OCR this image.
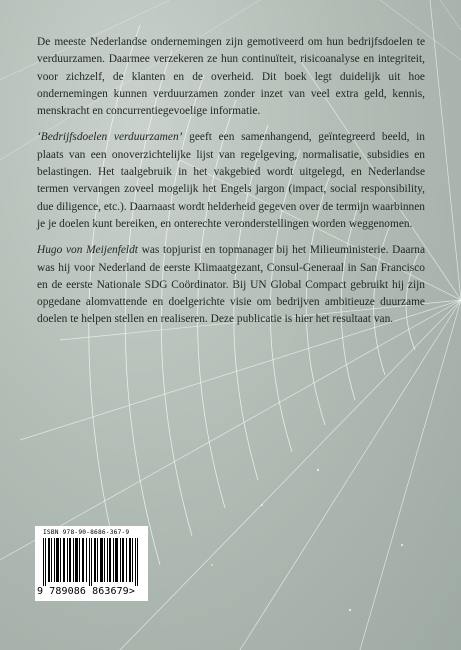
De meeste Nederlandse ondernemingen zijn gemotiveerd om hun bedrijfsdoelen te verduurzamen. Daarmee verzekeren ze hun continuïteit, risicoanalyse en integriteit, voor zichzelf, de klanten en de overheid. Dit boek legt duidelijk uit hoe ondernemingen kunnen verduurzamen zonder inzet van veel extra geld, kennis, menskracht en concurrentiegevoelige informatie.

‘Bedrijfsdoelen verduurzamen’ geeft een samenhangend, geïntegreerd beeld, in plaats van een onoverzichtelijke lijst van regelgeving, normalisatie, subsidies en belastingen. Het taalgebruik in het vakgebied wordt uitgelegd, en Nederlandse termen vervangen zoveel mogelijk het Engels jargon (impact, social responsibility, due diligence, etc.). Daarnaast wordt helderheid gegeven over de termijn waarbinnen je je doelen kunt bereiken, en onterechte veronderstellingen worden weggenomen.

Hugo von Meijenfeldt was topjurist en topmanager bij het Milieuministerie. Daarna was hij voor Nederland de eerste Klimaatgezant, Consul-Generaal in San Francisco en de eerste Nationale SDG Coördinator. Bij UN Global Compact gebruikt hij zijn opgedane alomvattende en doelgerichte visie om bedrijven ambitieuze duurzame doelen te helpen stellen en realiseren. Deze publicatie is hier het resultaat van.

ISBN 978-90-8686-367-9
9 789086 863679>
